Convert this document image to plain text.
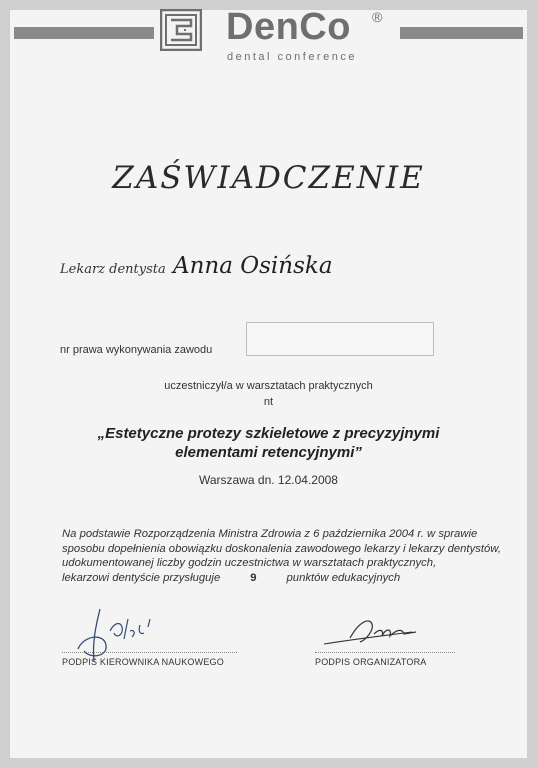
DenCo ®
dental conference
ZAŚWIADCZENIE
Lekarz dentysta Anna Osińska
nr prawa wykonywania zawodu
uczestniczył/a w warsztatach praktycznych
nt
„Estetyczne protezy szkieletowe z precyzyjnymi
elementami retencyjnymi”
Warszawa dn. 12.04.2008
Na podstawie Rozporządzenia Ministra Zdrowia z 6 października 2004 r. w sprawie
sposobu dopełnienia obowiązku doskonalenia zawodowego lekarzy i lekarzy dentystów,
udokumentowanej liczby godzin uczestnictwa w warsztatach praktycznych,
lekarzowi dentyście przysługuje	9	punktów edukacyjnych
PODPIS KIEROWNIKA NAUKOWEGO	PODPIS ORGANIZATORA
